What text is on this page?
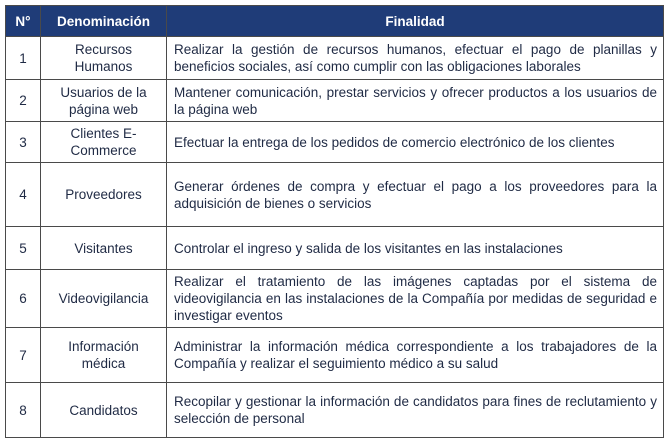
N°	Denominación	Finalidad
1	Recursos Humanos	Realizar la gestión de recursos humanos, efectuar el pago de planillas y beneficios sociales, así como cumplir con las obligaciones laborales
2	Usuarios de la página web	Mantener comunicación, prestar servicios y ofrecer productos a los usuarios de la página web
3	Clientes E-Commerce	Efectuar la entrega de los pedidos de comercio electrónico de los clientes
4	Proveedores	Generar órdenes de compra y efectuar el pago a los proveedores para la adquisición de bienes o servicios
5	Visitantes	Controlar el ingreso y salida de los visitantes en las instalaciones
6	Videovigilancia	Realizar el tratamiento de las imágenes captadas por el sistema de videovigilancia en las instalaciones de la Compañía por medidas de seguridad e investigar eventos
7	Información médica	Administrar la información médica correspondiente a los trabajadores de la Compañía y realizar el seguimiento médico a su salud
8	Candidatos	Recopilar y gestionar la información de candidatos para fines de reclutamiento y selección de personal
